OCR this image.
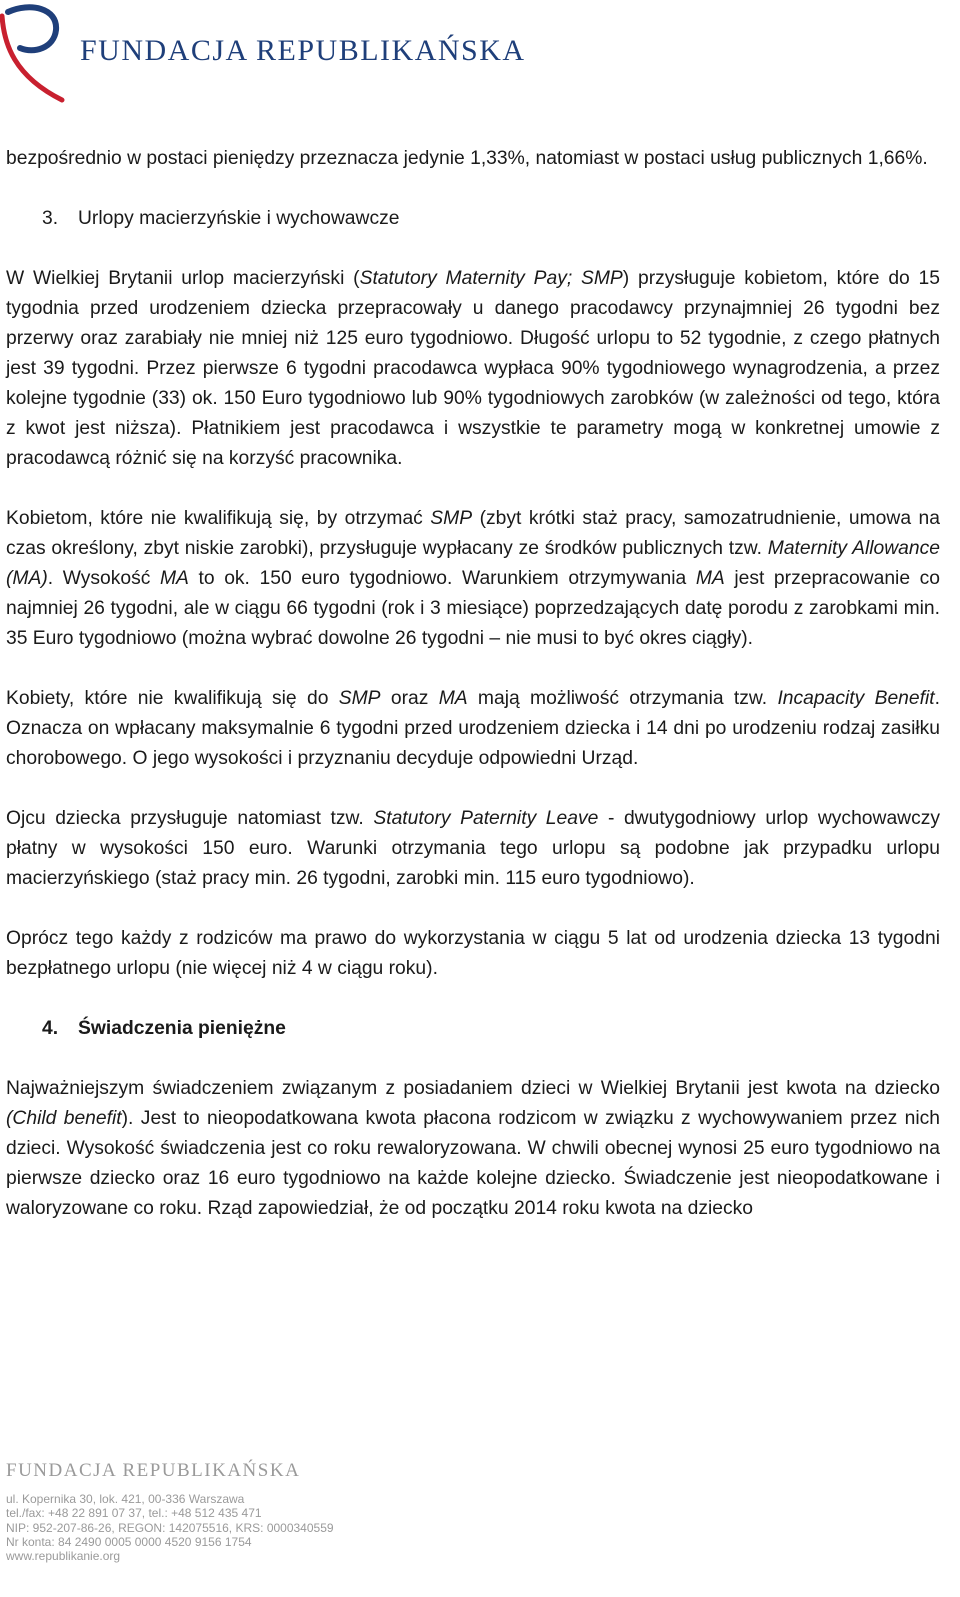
FUNDACJA REPUBLIKAŃSKA

bezpośrednio w postaci pieniędzy przeznacza jedynie 1,33%, natomiast w postaci usług publicznych 1,66%.

3. Urlopy macierzyńskie i wychowawcze

W Wielkiej Brytanii urlop macierzyński (Statutory Maternity Pay; SMP) przysługuje kobietom, które do 15 tygodnia przed urodzeniem dziecka przepracowały u danego pracodawcy przynajmniej 26 tygodni bez przerwy oraz zarabiały nie mniej niż 125 euro tygodniowo. Długość urlopu to 52 tygodnie, z czego płatnych jest 39 tygodni. Przez pierwsze 6 tygodni pracodawca wypłaca 90% tygodniowego wynagrodzenia, a przez kolejne tygodnie (33) ok. 150 Euro tygodniowo lub 90% tygodniowych zarobków (w zależności od tego, która z kwot jest niższa). Płatnikiem jest pracodawca i wszystkie te parametry mogą w konkretnej umowie z pracodawcą różnić się na korzyść pracownika.

Kobietom, które nie kwalifikują się, by otrzymać SMP (zbyt krótki staż pracy, samozatrudnienie, umowa na czas określony, zbyt niskie zarobki), przysługuje wypłacany ze środków publicznych tzw. Maternity Allowance (MA). Wysokość MA to ok. 150 euro tygodniowo. Warunkiem otrzymywania MA jest przepracowanie co najmniej 26 tygodni, ale w ciągu 66 tygodni (rok i 3 miesiące) poprzedzających datę porodu z zarobkami min. 35 Euro tygodniowo (można wybrać dowolne 26 tygodni – nie musi to być okres ciągły).

Kobiety, które nie kwalifikują się do SMP oraz MA mają możliwość otrzymania tzw. Incapacity Benefit. Oznacza on wpłacany maksymalnie 6 tygodni przed urodzeniem dziecka i 14 dni po urodzeniu rodzaj zasiłku chorobowego. O jego wysokości i przyznaniu decyduje odpowiedni Urząd.

Ojcu dziecka przysługuje natomiast tzw. Statutory Paternity Leave - dwutygodniowy urlop wychowawczy płatny w wysokości 150 euro. Warunki otrzymania tego urlopu są podobne jak przypadku urlopu macierzyńskiego (staż pracy min. 26 tygodni, zarobki min. 115 euro tygodniowo).

Oprócz tego każdy z rodziców ma prawo do wykorzystania w ciągu 5 lat od urodzenia dziecka 13 tygodni bezpłatnego urlopu (nie więcej niż 4 w ciągu roku).

4. Świadczenia pieniężne

Najważniejszym świadczeniem związanym z posiadaniem dzieci w Wielkiej Brytanii jest kwota na dziecko (Child benefit). Jest to nieopodatkowana kwota płacona rodzicom w związku z wychowywaniem przez nich dzieci. Wysokość świadczenia jest co roku rewaloryzowana. W chwili obecnej wynosi 25 euro tygodniowo na pierwsze dziecko oraz 16 euro tygodniowo na każde kolejne dziecko. Świadczenie jest nieopodatkowane i waloryzowane co roku. Rząd zapowiedział, że od początku 2014 roku kwota na dziecko

FUNDACJA REPUBLIKAŃSKA
ul. Kopernika 30, lok. 421, 00-336 Warszawa
tel./fax: +48 22 891 07 37, tel.: +48 512 435 471
NIP: 952-207-86-26, REGON: 142075516, KRS: 0000340559
Nr konta: 84 2490 0005 0000 4520 9156 1754
www.republikanie.org
